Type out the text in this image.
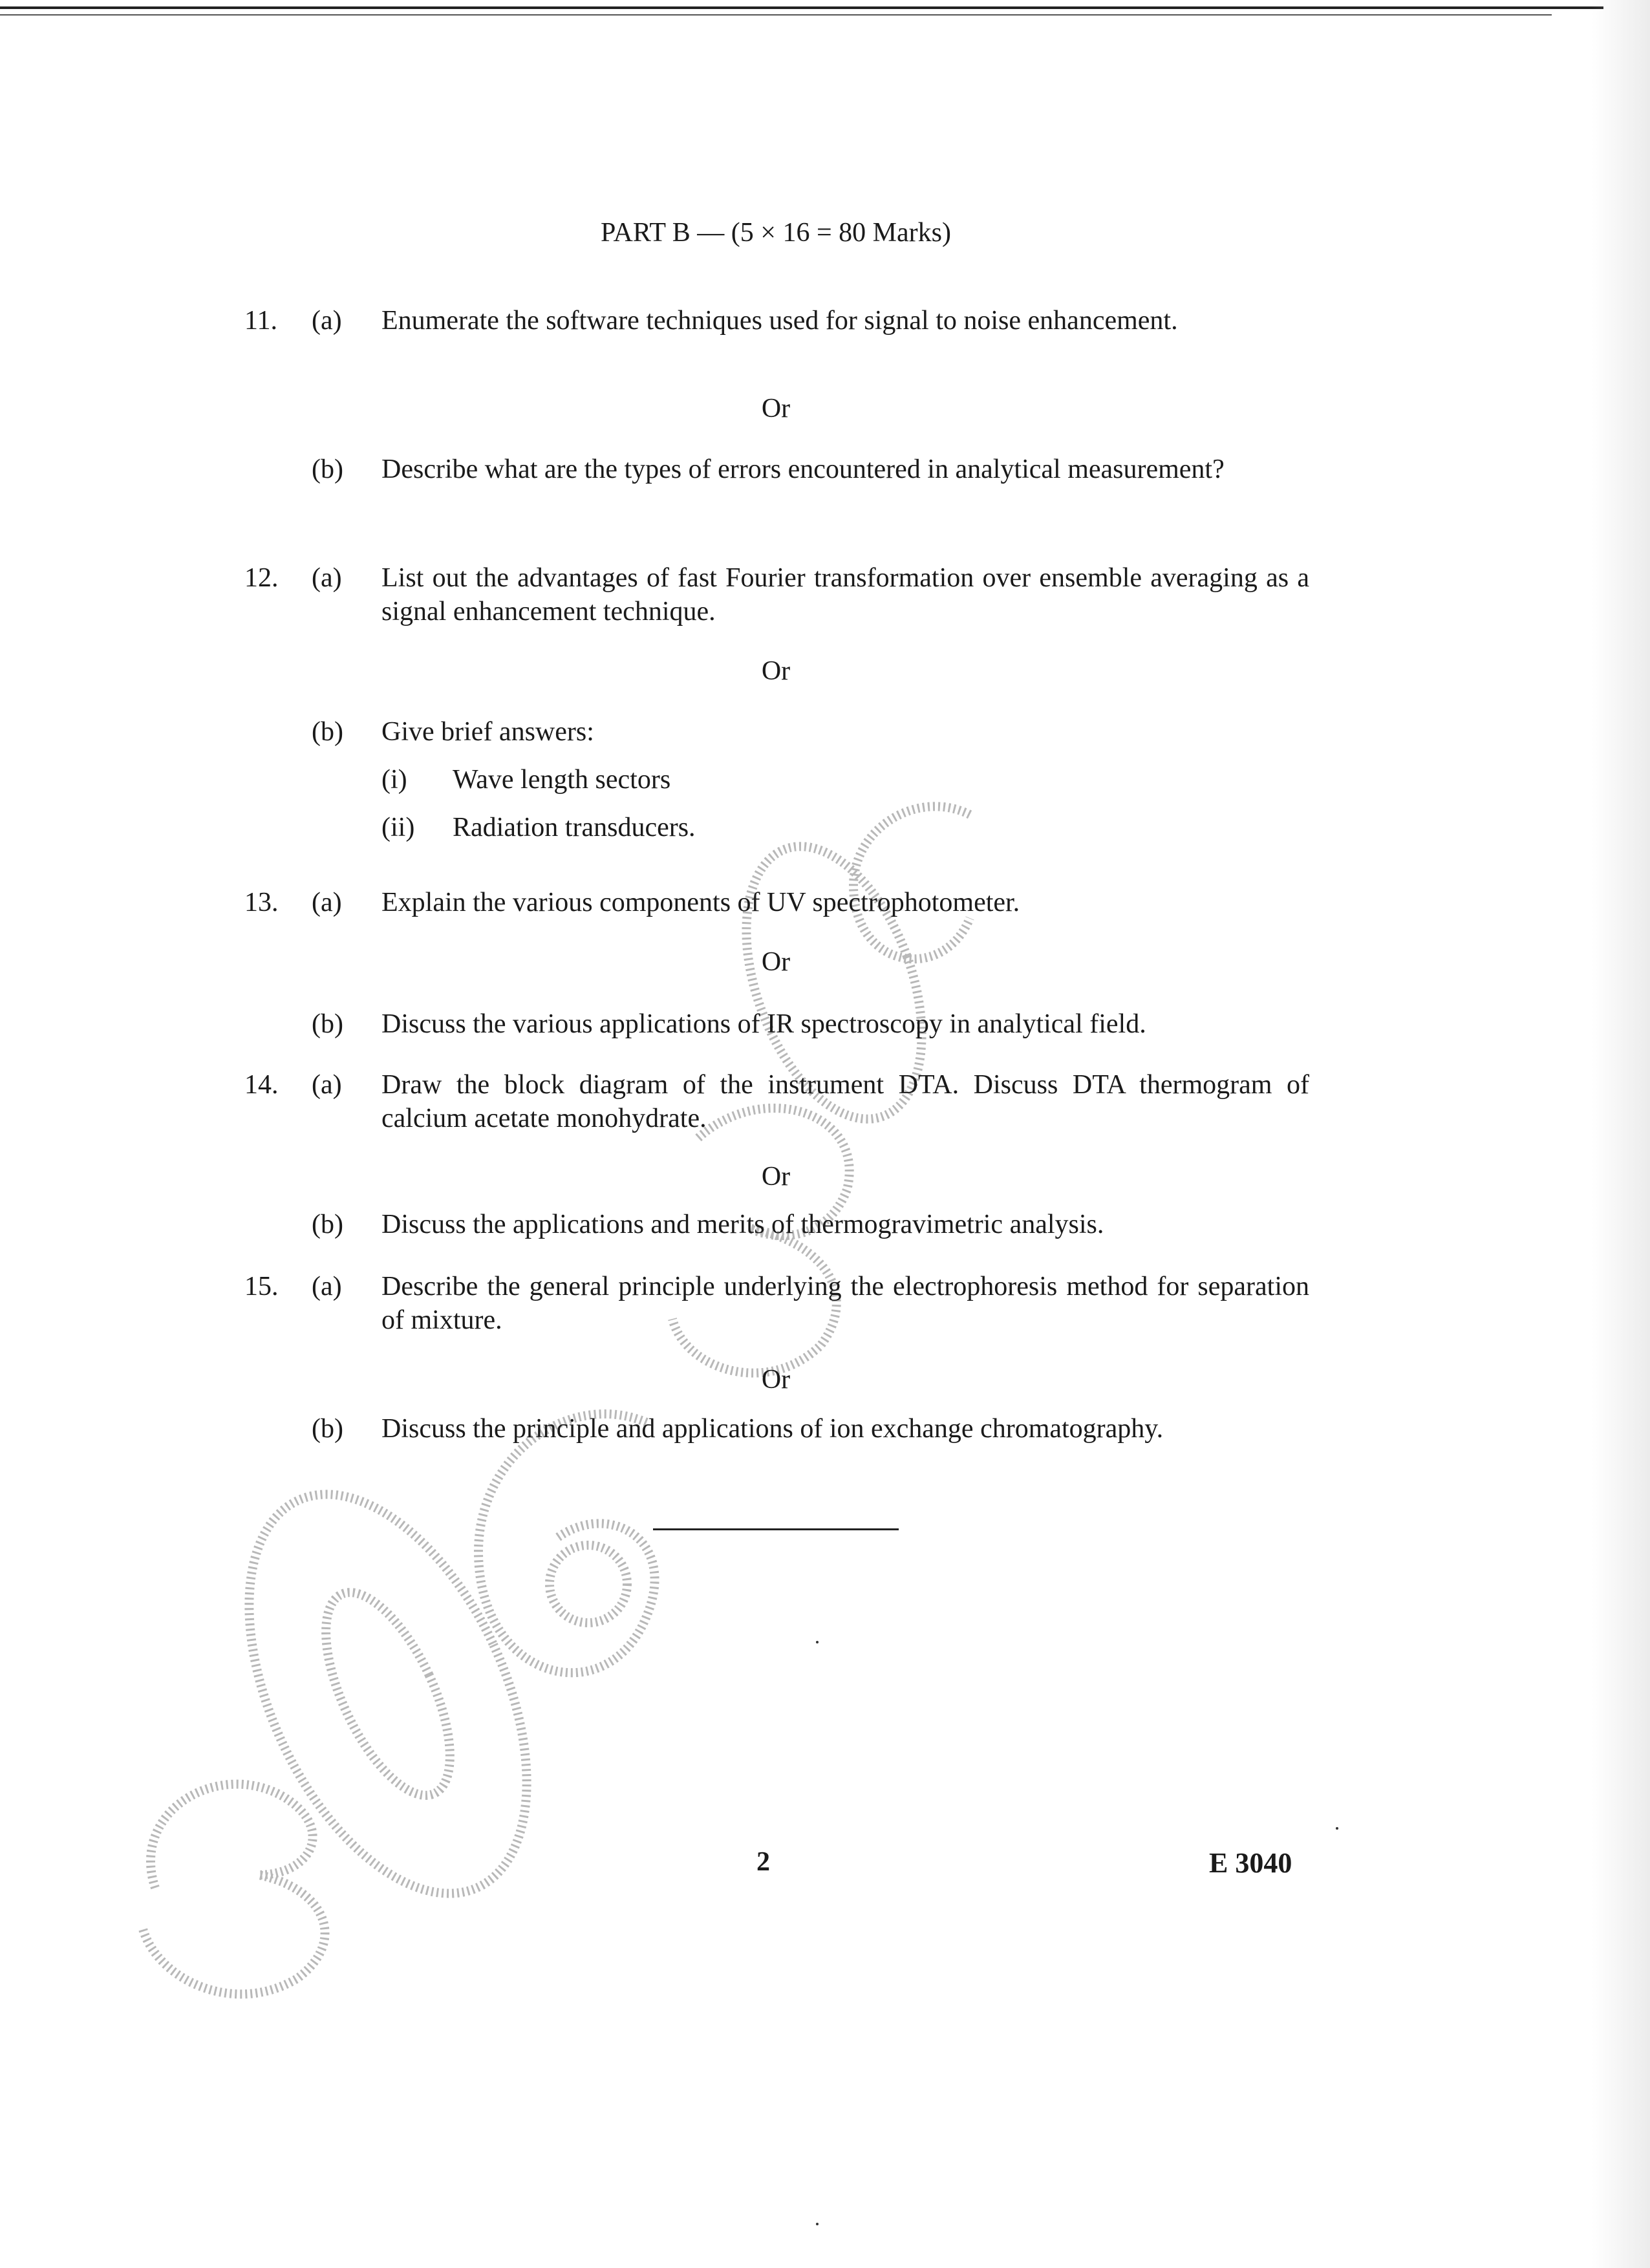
PART B — (5 × 16 = 80 Marks)
11. (a) Enumerate the software techniques used for signal to noise enhancement.
Or
(b) Describe what are the types of errors encountered in analytical measurement?
12. (a) List out the advantages of fast Fourier transformation over ensemble averaging as a signal enhancement technique.
Or
(b) Give brief answers:
(i) Wave length sectors
(ii) Radiation transducers.
13. (a) Explain the various components of UV spectrophotometer.
Or
(b) Discuss the various applications of IR spectroscopy in analytical field.
14. (a) Draw the block diagram of the instrument DTA. Discuss DTA thermogram of calcium acetate monohydrate.
Or
(b) Discuss the applications and merits of thermogravimetric analysis.
15. (a) Describe the general principle underlying the electrophoresis method for separation of mixture.
Or
(b) Discuss the principle and applications of ion exchange chromatography.
2	E 3040
